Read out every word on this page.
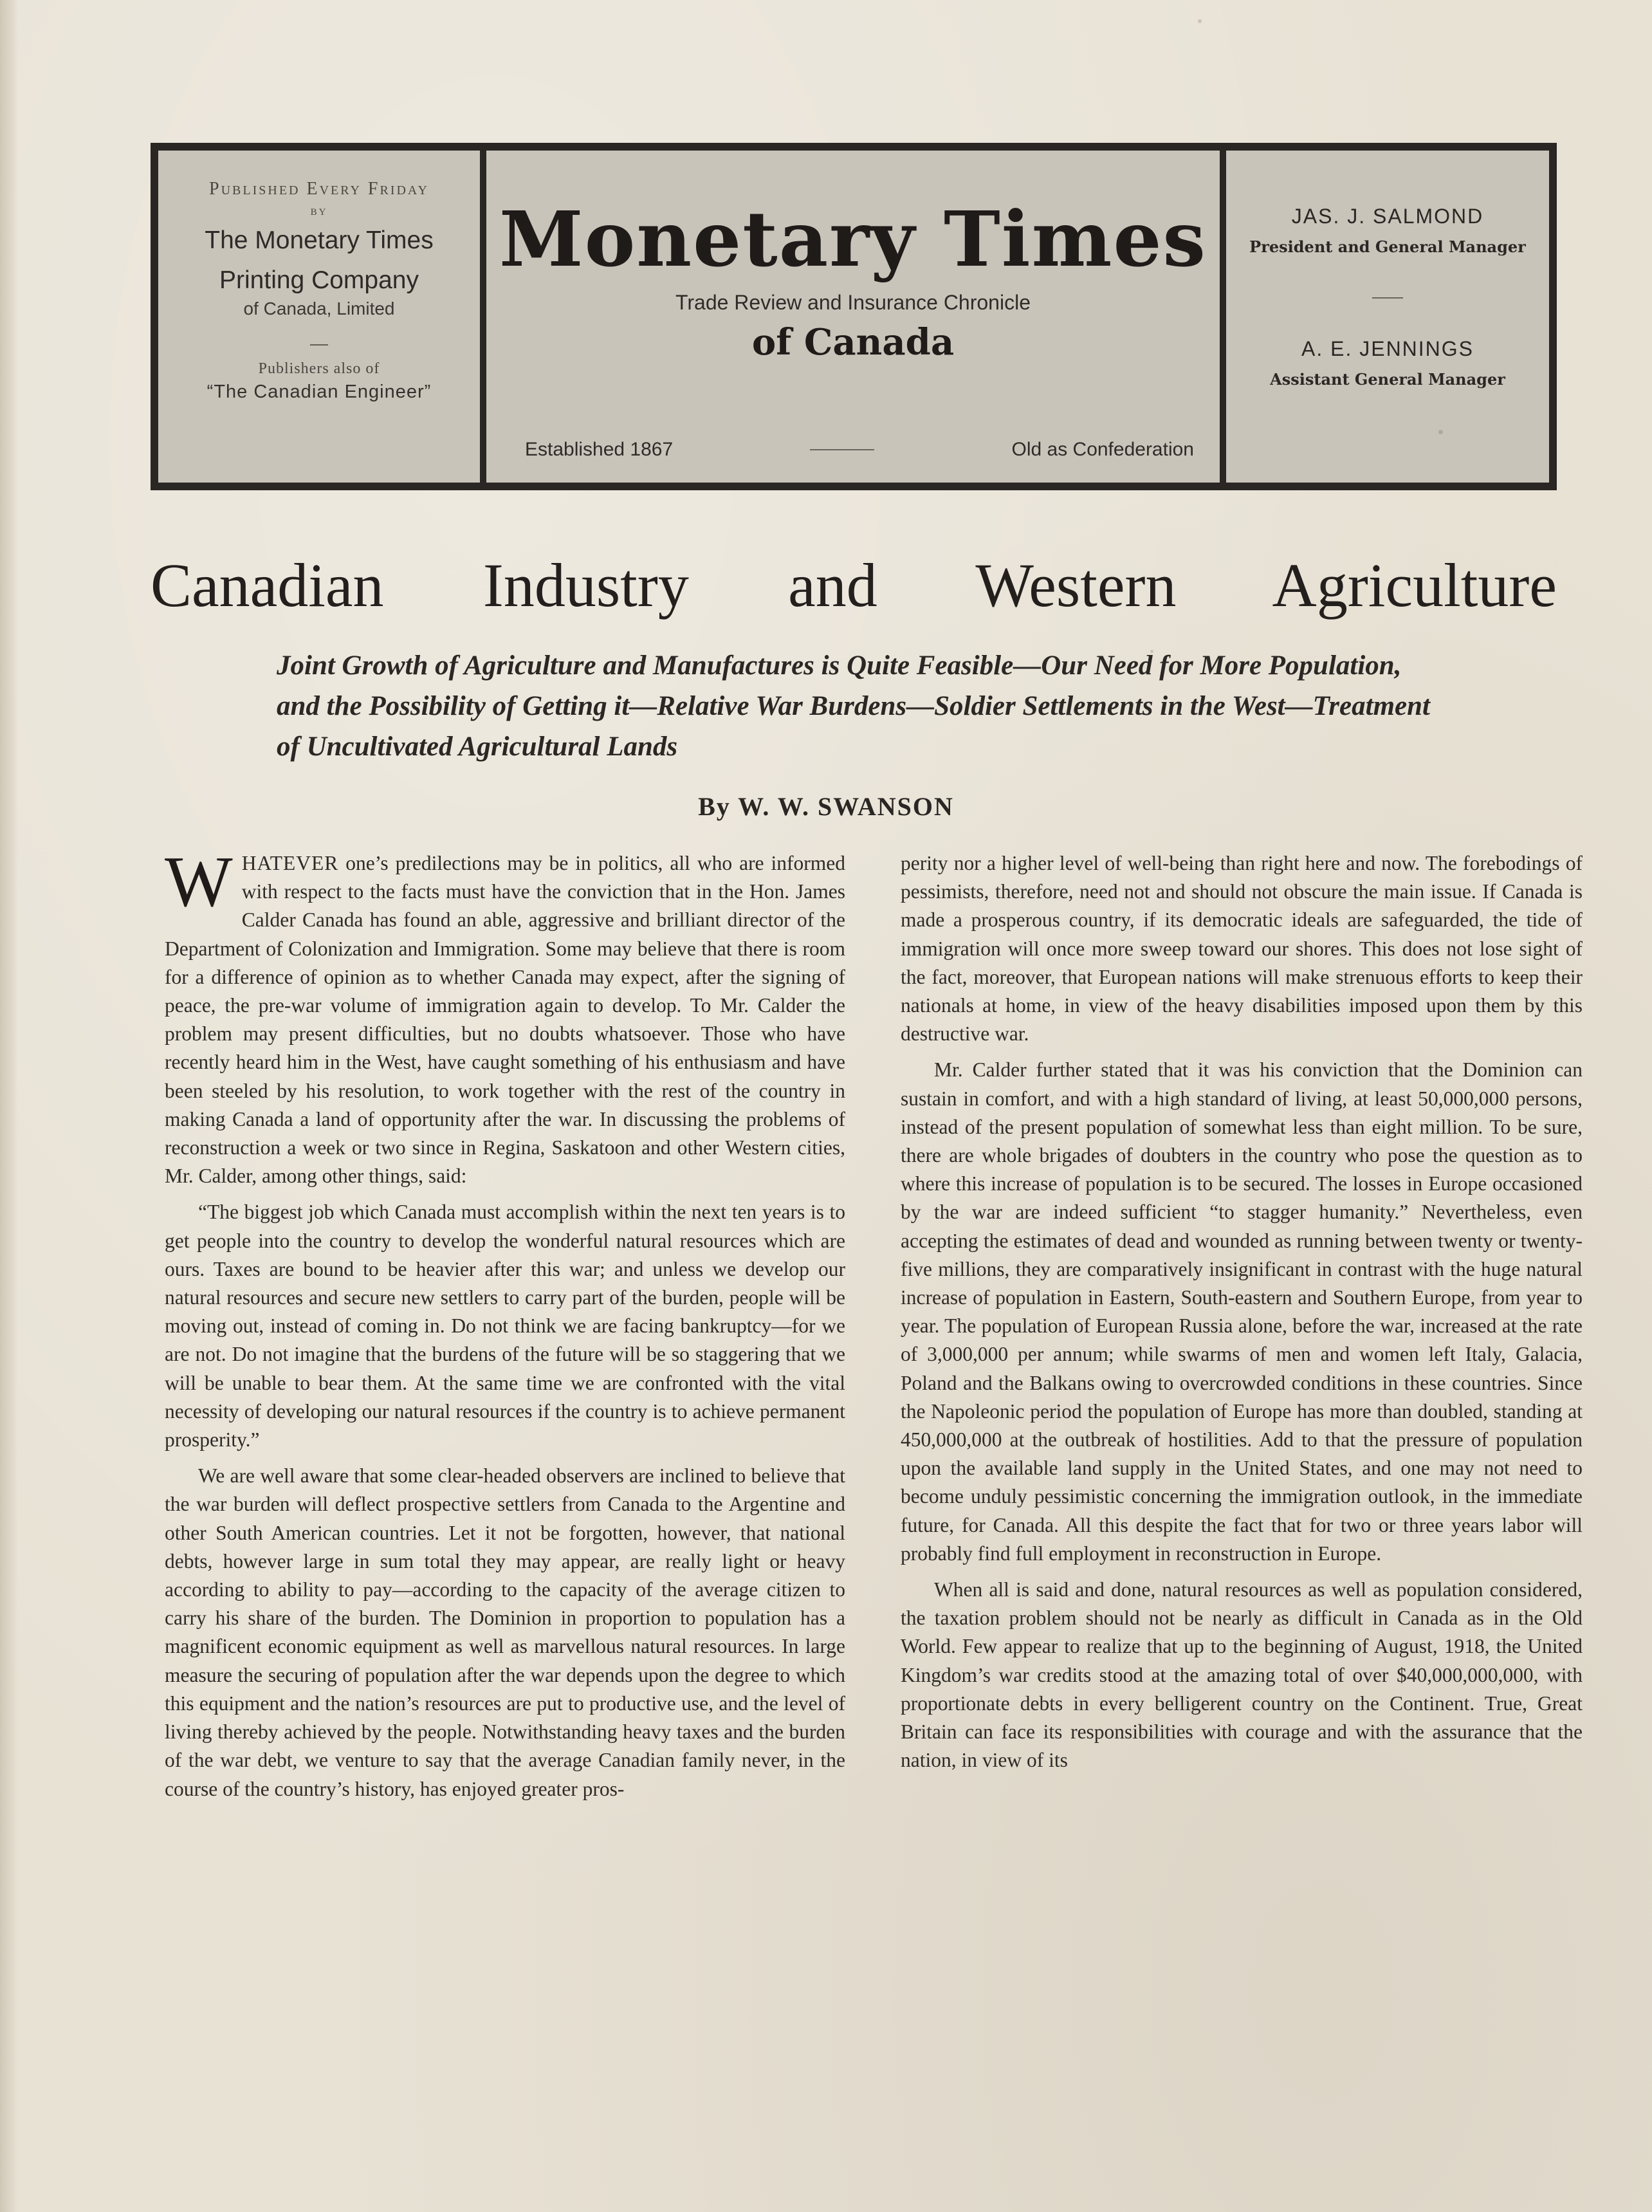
Published Every Friday
by
The Monetary Times
Printing Company
of Canada, Limited
—
Publishers also of
“The Canadian Engineer”
Monetary Times
Trade Review and Insurance Chronicle
of Canada
Established 1867	Old as Confederation
JAS. J. SALMOND
President and General Manager
A. E. JENNINGS
Assistant General Manager
Canadian Industry and Western Agriculture
Joint Growth of Agriculture and Manufactures is Quite Feasible—Our Need for More Population, and the Possibility of Getting it—Relative War Burdens—Soldier Settlements in the West—Treatment of Uncultivated Agricultural Lands
By W. W. SWANSON

WHATEVER one’s predilections may be in politics, all who are informed with respect to the facts must have the conviction that in the Hon. James Calder Canada has found an able, aggressive and brilliant director of the Department of Colonization and Immigration. Some may believe that there is room for a difference of opinion as to whether Canada may expect, after the signing of peace, the pre-war volume of immigration again to develop. To Mr. Calder the problem may present difficulties, but no doubts whatsoever. Those who have recently heard him in the West, have caught something of his enthusiasm and have been steeled by his resolution, to work together with the rest of the country in making Canada a land of opportunity after the war. In discussing the problems of reconstruction a week or two since in Regina, Saskatoon and other Western cities, Mr. Calder, among other things, said:

“The biggest job which Canada must accomplish within the next ten years is to get people into the country to develop the wonderful natural resources which are ours. Taxes are bound to be heavier after this war; and unless we develop our natural resources and secure new settlers to carry part of the burden, people will be moving out, instead of coming in. Do not think we are facing bankruptcy—for we are not. Do not imagine that the burdens of the future will be so staggering that we will be unable to bear them. At the same time we are confronted with the vital necessity of developing our natural resources if the country is to achieve permanent prosperity.”

We are well aware that some clear-headed observers are inclined to believe that the war burden will deflect prospective settlers from Canada to the Argentine and other South American countries. Let it not be forgotten, however, that national debts, however large in sum total they may appear, are really light or heavy according to ability to pay—according to the capacity of the average citizen to carry his share of the burden. The Dominion in proportion to population has a magnificent economic equipment as well as marvellous natural resources. In large measure the securing of population after the war depends upon the degree to which this equipment and the nation’s resources are put to productive use, and the level of living thereby achieved by the people. Notwithstanding heavy taxes and the burden of the war debt, we venture to say that the average Canadian family never, in the course of the country’s history, has enjoyed greater pros-

perity nor a higher level of well-being than right here and now. The forebodings of pessimists, therefore, need not and should not obscure the main issue. If Canada is made a prosperous country, if its democratic ideals are safeguarded, the tide of immigration will once more sweep toward our shores. This does not lose sight of the fact, moreover, that European nations will make strenuous efforts to keep their nationals at home, in view of the heavy disabilities imposed upon them by this destructive war.

Mr. Calder further stated that it was his conviction that the Dominion can sustain in comfort, and with a high standard of living, at least 50,000,000 persons, instead of the present population of somewhat less than eight million. To be sure, there are whole brigades of doubters in the country who pose the question as to where this increase of population is to be secured. The losses in Europe occasioned by the war are indeed sufficient “to stagger humanity.” Nevertheless, even accepting the estimates of dead and wounded as running between twenty or twenty-five millions, they are comparatively insignificant in contrast with the huge natural increase of population in Eastern, South-eastern and Southern Europe, from year to year. The population of European Russia alone, before the war, increased at the rate of 3,000,000 per annum; while swarms of men and women left Italy, Galacia, Poland and the Balkans owing to overcrowded conditions in these countries. Since the Napoleonic period the population of Europe has more than doubled, standing at 450,000,000 at the outbreak of hostilities. Add to that the pressure of population upon the available land supply in the United States, and one may not need to become unduly pessimistic concerning the immigration outlook, in the immediate future, for Canada. All this despite the fact that for two or three years labor will probably find full employment in reconstruction in Europe.

When all is said and done, natural resources as well as population considered, the taxation problem should not be nearly as difficult in Canada as in the Old World. Few appear to realize that up to the beginning of August, 1918, the United Kingdom’s war credits stood at the amazing total of over $40,000,000,000, with proportionate debts in every belligerent country on the Continent. True, Great Britain can face its responsibilities with courage and with the assurance that the nation, in view of its
